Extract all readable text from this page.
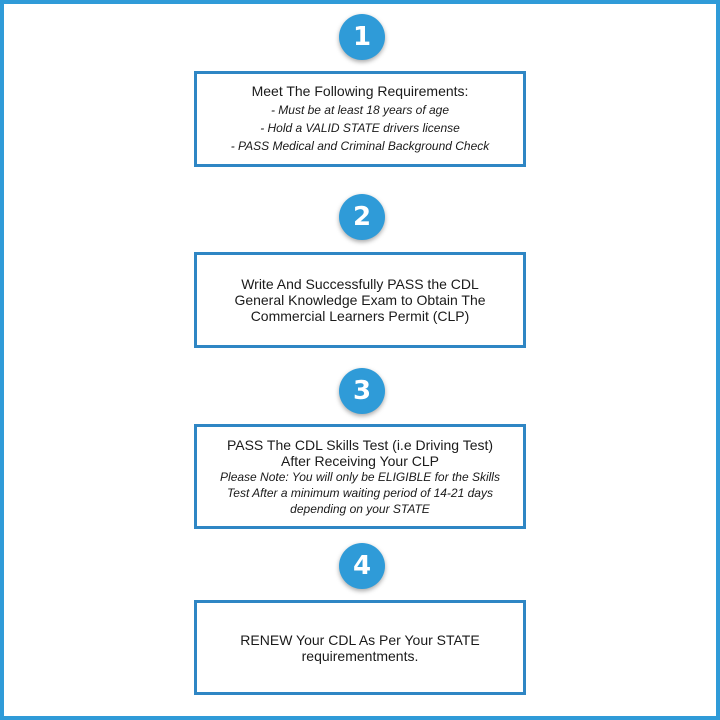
1
Meet The Following Requirements:
- Must be at least 18 years of age
- Hold a VALID STATE drivers license
- PASS Medical and Criminal Background Check
2
Write And Successfully PASS the CDL
General Knowledge Exam to Obtain The
Commercial Learners Permit (CLP)
3
PASS The CDL Skills Test (i.e Driving Test)
After Receiving Your CLP
Please Note: You will only be ELIGIBLE for the Skills
Test After a minimum waiting period of 14-21 days
depending on your STATE
4
RENEW Your CDL As Per Your STATE
requirementments.
